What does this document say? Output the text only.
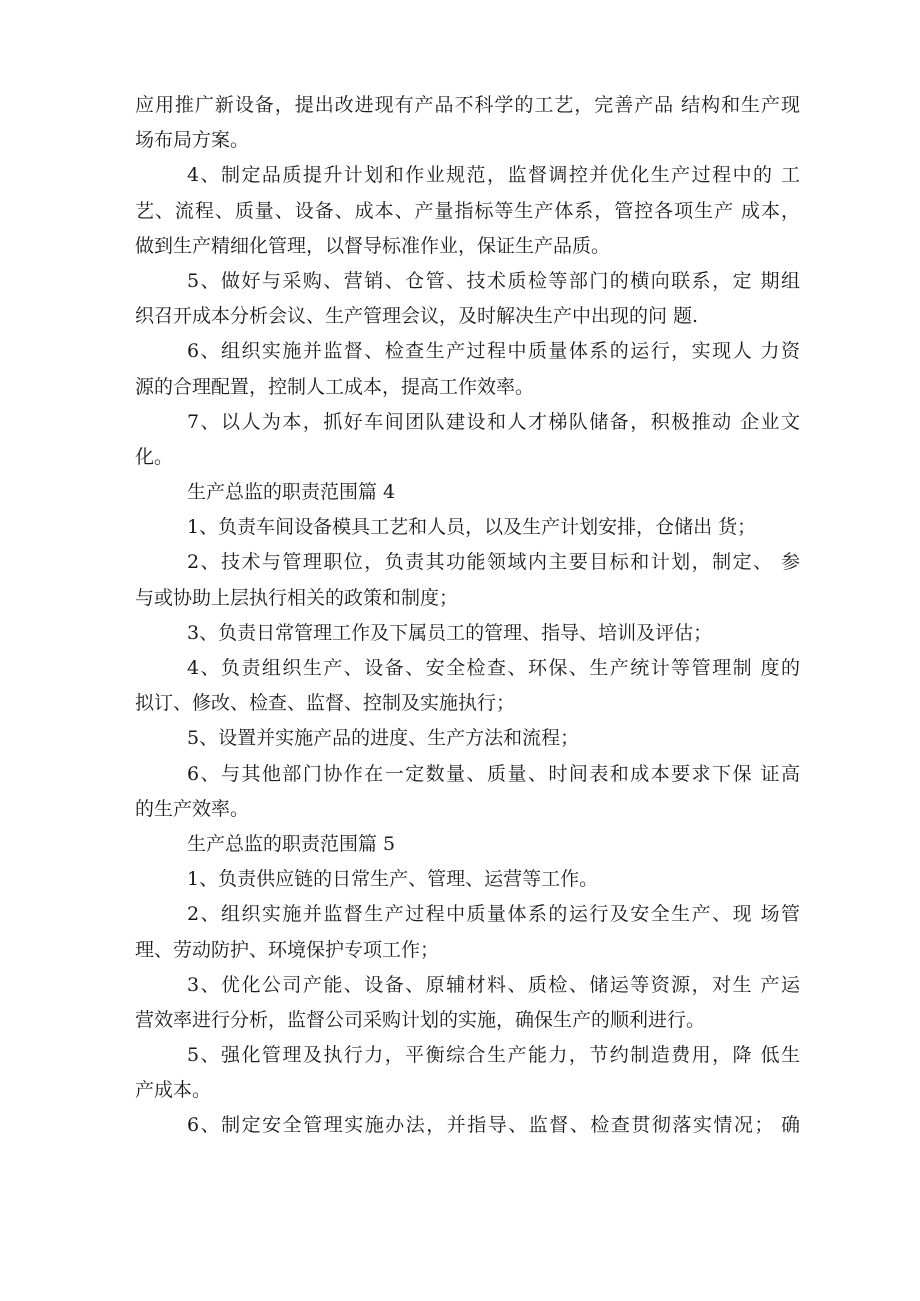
应用推广新设备，提出改进现有产品不科学的工艺，完善产品 结构和生产现
场布局方案。
4、制定品质提升计划和作业规范，监督调控并优化生产过程中的 工
艺、流程、质量、设备、成本、产量指标等生产体系，管控各项生产 成本，
做到生产精细化管理，以督导标准作业，保证生产品质。
5、做好与采购、营销、仓管、技术质检等部门的横向联系，定 期组
织召开成本分析会议、生产管理会议，及时解决生产中出现的问 题.
6、组织实施并监督、检查生产过程中质量体系的运行，实现人 力资
源的合理配置，控制人工成本，提高工作效率。
7、以人为本，抓好车间团队建设和人才梯队储备，积极推动 企业文
化。
生产总监的职责范围篇 4
1、负责车间设备模具工艺和人员，以及生产计划安排，仓储出 货；
2、技术与管理职位，负责其功能领域内主要目标和计划，制定、 参
与或协助上层执行相关的政策和制度；
3、负责日常管理工作及下属员工的管理、指导、培训及评估；
4、负责组织生产、设备、安全检查、环保、生产统计等管理制 度的
拟订、修改、检查、监督、控制及实施执行；
5、设置并实施产品的进度、生产方法和流程；
6、与其他部门协作在一定数量、质量、时间表和成本要求下保 证高
的生产效率。
生产总监的职责范围篇 5
1、负责供应链的日常生产、管理、运营等工作。
2、组织实施并监督生产过程中质量体系的运行及安全生产、现 场管
理、劳动防护、环境保护专项工作；
3、优化公司产能、设备、原辅材料、质检、储运等资源，对生 产运
营效率进行分析，监督公司采购计划的实施，确保生产的顺利进行。
5、强化管理及执行力，平衡综合生产能力，节约制造费用，降 低生
产成本。
6、制定安全管理实施办法，并指导、监督、检查贯彻落实情况； 确
